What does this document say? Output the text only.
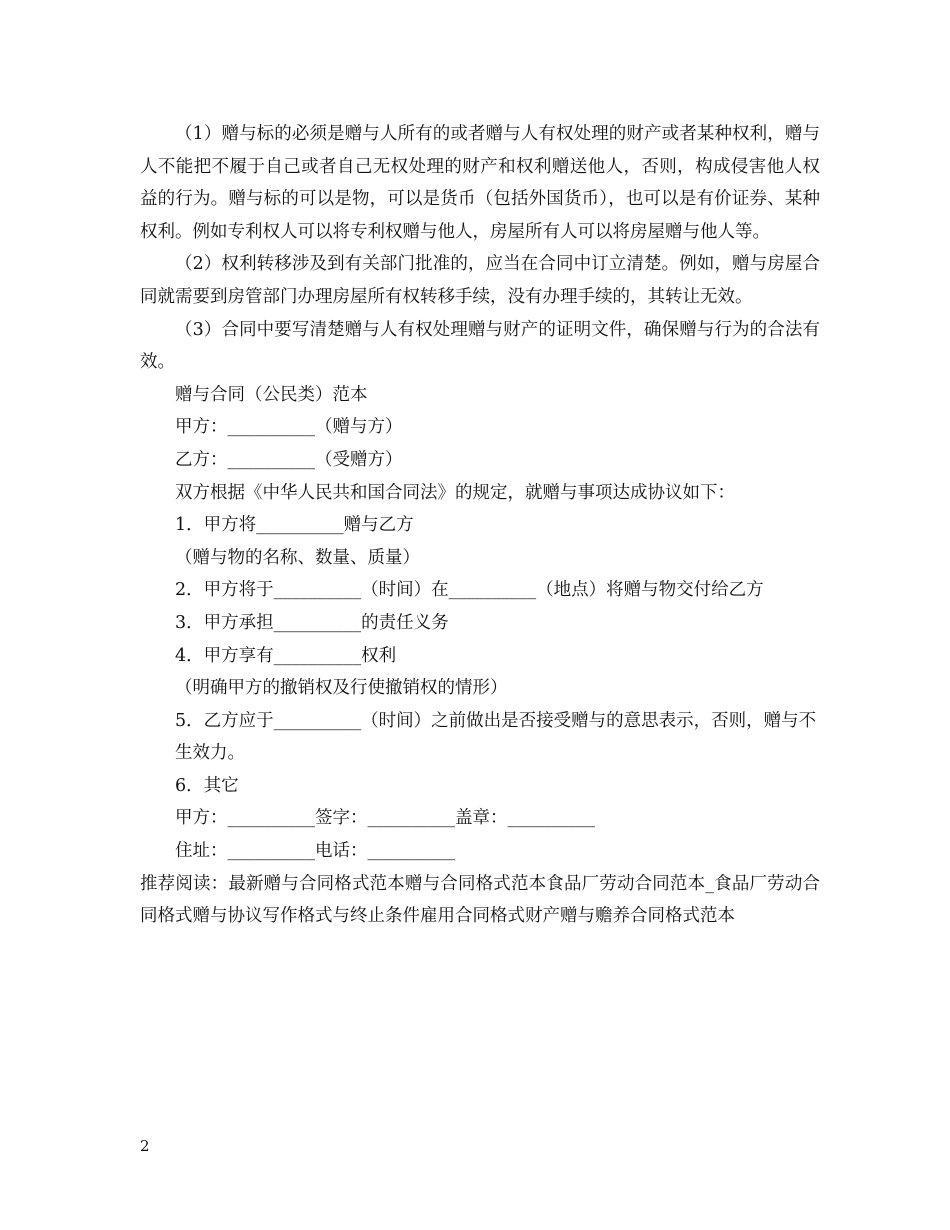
（1）赠与标的必须是赠与人所有的或者赠与人有权处理的财产或者某种权利，赠与人不能把不履于自己或者自己无权处理的财产和权利赠送他人，否则，构成侵害他人权益的行为。赠与标的可以是物，可以是货币（包括外国货币），也可以是有价证券、某种权利。例如专利权人可以将专利权赠与他人，房屋所有人可以将房屋赠与他人等。

（2）权利转移涉及到有关部门批准的，应当在合同中订立清楚。例如，赠与房屋合同就需要到房管部门办理房屋所有权转移手续，没有办理手续的，其转让无效。

（3）合同中要写清楚赠与人有权处理赠与财产的证明文件，确保赠与行为的合法有效。

赠与合同（公民类）范本

甲方：__________（赠与方）

乙方：__________（受赠方）

双方根据《中华人民共和国合同法》的规定，就赠与事项达成协议如下：

1．甲方将__________赠与乙方

（赠与物的名称、数量、质量）

2．甲方将于__________（时间）在__________（地点）将赠与物交付给乙方

3．甲方承担__________的责任义务

4．甲方享有__________权利

（明确甲方的撤销权及行使撤销权的情形）

5．乙方应于__________（时间）之前做出是否接受赠与的意思表示，否则，赠与不生效力。

6．其它

甲方：__________签字：__________盖章：__________

住址：__________电话：__________

推荐阅读：最新赠与合同格式范本赠与合同格式范本食品厂劳动合同范本_食品厂劳动合同格式赠与协议写作格式与终止条件雇用合同格式财产赠与赡养合同格式范本

2
